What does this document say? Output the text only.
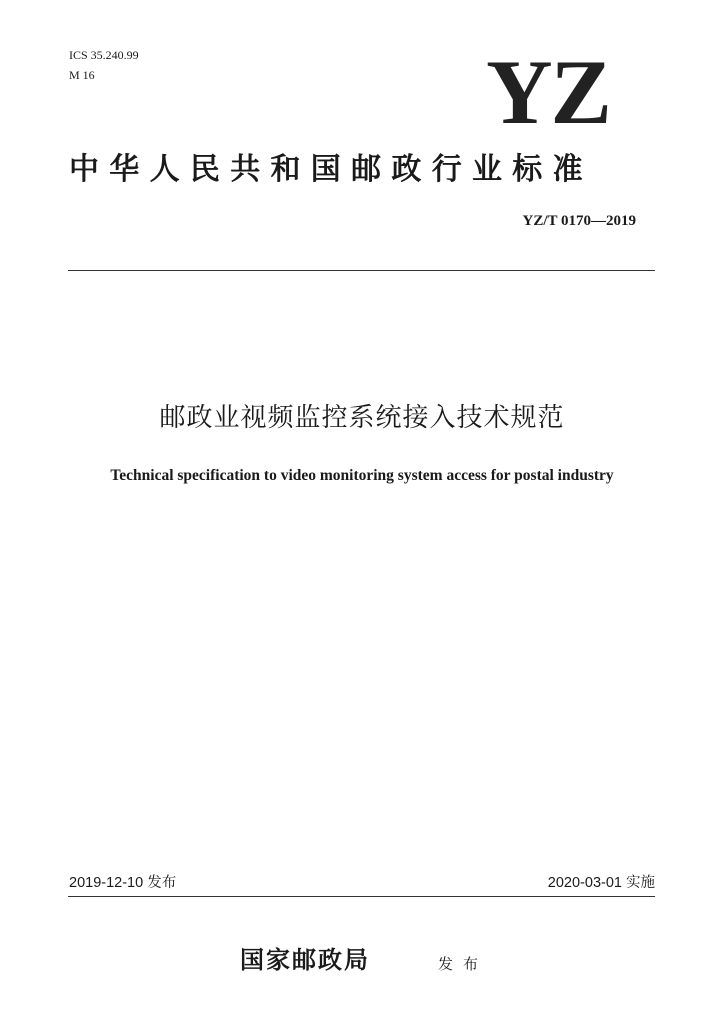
ICS 35.240.99
M 16	YZ
中华人民共和国邮政行业标准
YZ/T 0170—2019
邮政业视频监控系统接入技术规范
Technical specification to video monitoring system access for postal industry
2019-12-10 发布	2020-03-01 实施
国家邮政局	发布
